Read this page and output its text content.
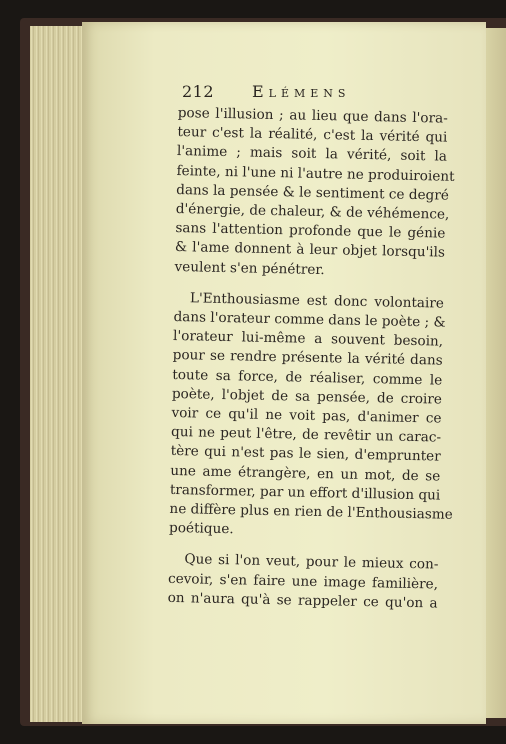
212 Elémens
pose l'illusion ; au lieu que dans l'ora-
teur c'est la réalité, c'est la vérité qui
l'anime ; mais soit la vérité, soit la
feinte, ni l'une ni l'autre ne produiroient
dans la pensée & le sentiment ce degré
d'énergie, de chaleur, & de véhémence,
sans l'attention profonde que le génie
& l'ame donnent à leur objet lorsqu'ils
veulent s'en pénétrer.
L'Enthousiasme est donc volontaire
dans l'orateur comme dans le poète ; &
l'orateur lui-même a souvent besoin,
pour se rendre présente la vérité dans
toute sa force, de réaliser, comme le
poète, l'objet de sa pensée, de croire
voir ce qu'il ne voit pas, d'animer ce
qui ne peut l'être, de revêtir un carac-
tère qui n'est pas le sien, d'emprunter
une ame étrangère, en un mot, de se
transformer, par un effort d'illusion qui
ne diffère plus en rien de l'Enthousiasme
poétique.
Que si l'on veut, pour le mieux con-
cevoir, s'en faire une image familière,
on n'aura qu'à se rappeler ce qu'on a
